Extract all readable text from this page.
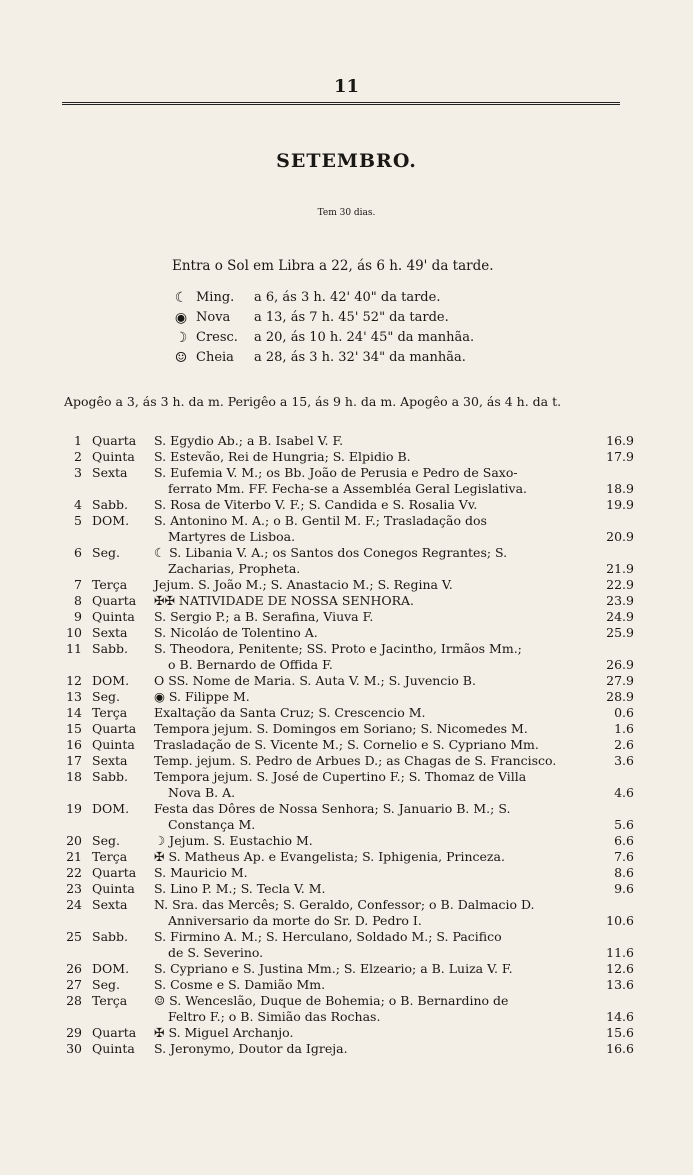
11
SETEMBRO.
Tem 30 dias.
Entra o Sol em Libra a 22, ás 6 h. 49' da tarde.
☾ Ming.	a 6, ás 3 h. 42' 40" da tarde.
◉ Nova	a 13, ás 7 h. 45' 52" da tarde.
☽ Cresc.	a 20, ás 10 h. 24' 45" da manhãa.
☺ Cheia	a 28, ás 3 h. 32' 34" da manhãa.
Apogêo a 3, ás 3 h. da m. Perigêo a 15, ás 9 h. da m. Apogêo a 30, ás 4 h. da t.
1 Quarta	S. Egydio Ab.; a B. Isabel V. F.	16.9
2 Quinta	S. Estevão, Rei de Hungria; S. Elpidio B.	17.9
3 Sexta	S. Eufemia V. M.; os Bb. João de Perusia e Pedro de Saxo-
ferrato Mm. FF. Fecha-se a Assembléa Geral Legislativa.	18.9
4 Sabb.	S. Rosa de Viterbo V. F.; S. Candida e S. Rosalia Vv.	19.9
5 DOM.	S. Antonino M. A.; o B. Gentil M. F.; Trasladação dos
Martyres de Lisboa.	20.9
6 Seg.	☾ S. Libania V. A.; os Santos dos Conegos Regrantes; S.
Zacharias, Propheta.	21.9
7 Terça	Jejum. S. João M.; S. Anastacio M.; S. Regina V.	22.9
8 Quarta	✠✠ NATIVIDADE DE NOSSA SENHORA.	23.9
9 Quinta	S. Sergio P.; a B. Serafina, Viuva F.	24.9
10 Sexta	S. Nicoláo de Tolentino A.	25.9
11 Sabb.	S. Theodora, Penitente; SS. Proto e Jacintho, Irmãos Mm.;
o B. Bernardo de Offida F.	26.9
12 DOM.	O SS. Nome de Maria. S. Auta V. M.; S. Juvencio B.	27.9
13 Seg.	◉ S. Filippe M.	28.9
14 Terça	Exaltação da Santa Cruz; S. Crescencio M.	0.6
15 Quarta	Tempora jejum. S. Domingos em Soriano; S. Nicomedes M.	1.6
16 Quinta	Trasladação de S. Vicente M.; S. Cornelio e S. Cypriano Mm.	2.6
17 Sexta	Temp. jejum. S. Pedro de Arbues D.; as Chagas de S. Francisco.	3.6
18 Sabb.	Tempora jejum. S. José de Cupertino F.; S. Thomaz de Villa
Nova B. A.	4.6
19 DOM.	Festa das Dôres de Nossa Senhora; S. Januario B. M.; S.
Constança M.	5.6
20 Seg.	☽ Jejum. S. Eustachio M.	6.6
21 Terça	✠ S. Matheus Ap. e Evangelista; S. Iphigenia, Princeza.	7.6
22 Quarta	S. Mauricio M.	8.6
23 Quinta	S. Lino P. M.; S. Tecla V. M.	9.6
24 Sexta	N. Sra. das Mercês; S. Geraldo, Confessor; o B. Dalmacio D.
Anniversario da morte do Sr. D. Pedro I.	10.6
25 Sabb.	S. Firmino A. M.; S. Herculano, Soldado M.; S. Pacifico
de S. Severino.	11.6
26 DOM.	S. Cypriano e S. Justina Mm.; S. Elzeario; a B. Luiza V. F.	12.6
27 Seg.	S. Cosme e S. Damião Mm.	13.6
28 Terça	☺ S. Wenceslão, Duque de Bohemia; o B. Bernardino de
Feltro F.; o B. Simião das Rochas.	14.6
29 Quarta	✠ S. Miguel Archanjo.	15.6
30 Quinta	S. Jeronymo, Doutor da Igreja.	16.6
